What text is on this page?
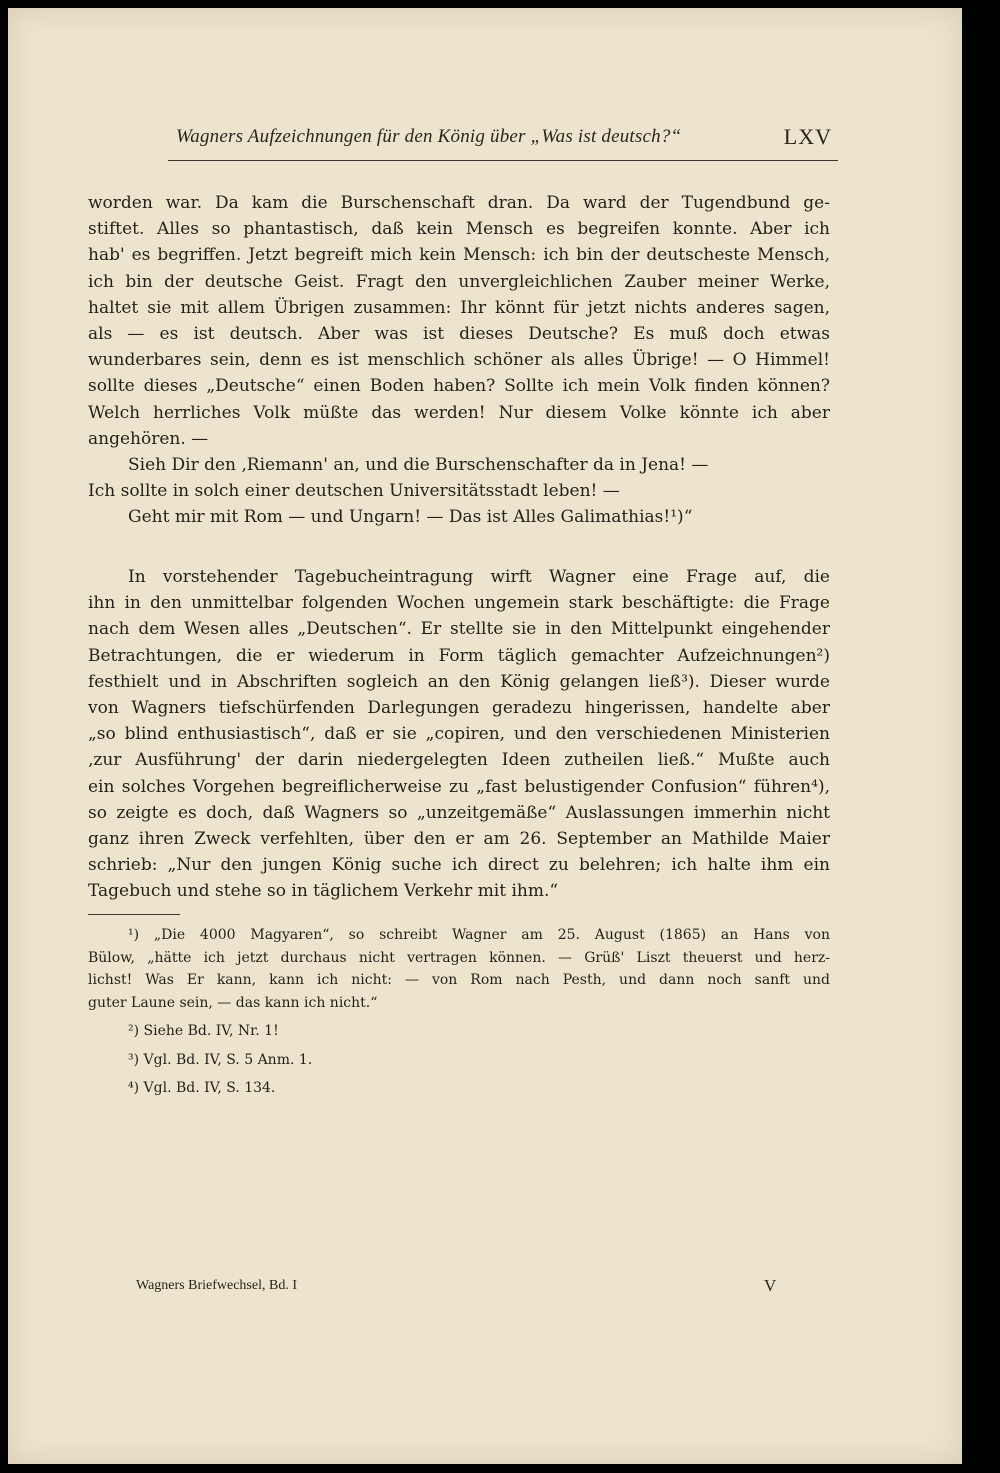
Wagners Aufzeichnungen für den König über „Was ist deutsch?“	LXV
worden war. Da kam die Burschenschaft dran. Da ward der Tugendbund ge-
stiftet. Alles so phantastisch, daß kein Mensch es begreifen konnte. Aber ich
hab' es begriffen. Jetzt begreift mich kein Mensch: ich bin der deutscheste Mensch,
ich bin der deutsche Geist. Fragt den unvergleichlichen Zauber meiner Werke,
haltet sie mit allem Übrigen zusammen: Ihr könnt für jetzt nichts anderes sagen,
als — es ist deutsch. Aber was ist dieses Deutsche? Es muß doch etwas
wunderbares sein, denn es ist menschlich schöner als alles Übrige! — O Himmel!
sollte dieses „Deutsche“ einen Boden haben? Sollte ich mein Volk finden können?
Welch herrliches Volk müßte das werden! Nur diesem Volke könnte ich aber
angehören. —
Sieh Dir den ‚Riemann' an, und die Burschenschafter da in Jena! —
Ich sollte in solch einer deutschen Universitätsstadt leben! —
Geht mir mit Rom — und Ungarn! — Das ist Alles Galimathias!¹)“
In vorstehender Tagebucheintragung wirft Wagner eine Frage auf, die
ihn in den unmittelbar folgenden Wochen ungemein stark beschäftigte: die Frage
nach dem Wesen alles „Deutschen“. Er stellte sie in den Mittelpunkt eingehender
Betrachtungen, die er wiederum in Form täglich gemachter Aufzeichnungen²)
festhielt und in Abschriften sogleich an den König gelangen ließ³). Dieser wurde
von Wagners tiefschürfenden Darlegungen geradezu hingerissen, handelte aber
„so blind enthusiastisch“, daß er sie „copiren, und den verschiedenen Ministerien
‚zur Ausführung' der darin niedergelegten Ideen zutheilen ließ.“ Mußte auch
ein solches Vorgehen begreiflicherweise zu „fast belustigender Confusion“ führen⁴),
so zeigte es doch, daß Wagners so „unzeitgemäße“ Auslassungen immerhin nicht
ganz ihren Zweck verfehlten, über den er am 26. September an Mathilde Maier
schrieb: „Nur den jungen König suche ich direct zu belehren; ich halte ihm ein
Tagebuch und stehe so in täglichem Verkehr mit ihm.“
¹) „Die 4000 Magyaren“, so schreibt Wagner am 25. August (1865) an Hans von
Bülow, „hätte ich jetzt durchaus nicht vertragen können. — Grüß' Liszt theuerst und herz-
lichst! Was Er kann, kann ich nicht: — von Rom nach Pesth, und dann noch sanft und
guter Laune sein, — das kann ich nicht.“
²) Siehe Bd. IV, Nr. 1!
³) Vgl. Bd. IV, S. 5 Anm. 1.
⁴) Vgl. Bd. IV, S. 134.
Wagners Briefwechsel, Bd. I	V
